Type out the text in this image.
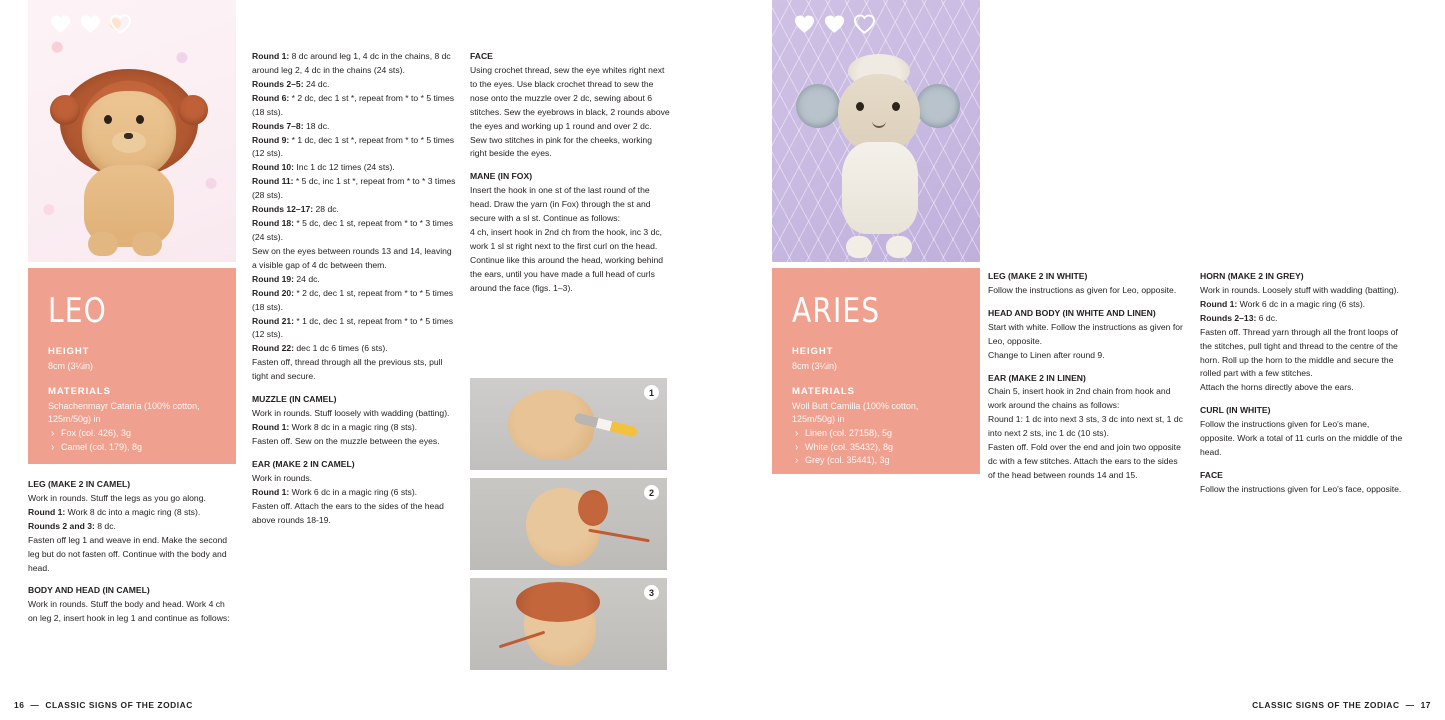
LEO
HEIGHT
8cm (3¼in)
MATERIALS
Schachenmayr Catania (100% cotton, 125m/50g) in
› Fox (col. 426), 3g
› Camel (col. 179), 8g

LEG (MAKE 2 IN CAMEL)

Work in rounds. Stuff the legs as you go along.

Round 1: Work 8 dc into a magic ring (8 sts).

Rounds 2 and 3: 8 dc.

Fasten off leg 1 and weave in end. Make the second leg but do not fasten off. Continue with the body and head.

BODY AND HEAD (IN CAMEL)

Work in rounds. Stuff the body and head. Work 4 ch on leg 2, insert hook in leg 1 and continue as follows:

Round 1: 8 dc around leg 1, 4 dc in the chains, 8 dc around leg 2, 4 dc in the chains (24 sts).

Rounds 2–5: 24 dc.

Round 6: * 2 dc, dec 1 st *, repeat from * to * 5 times (18 sts).

Rounds 7–8: 18 dc.

Round 9: * 1 dc, dec 1 st *, repeat from * to * 5 times (12 sts).

Round 10: Inc 1 dc 12 times (24 sts).

Round 11: * 5 dc, inc 1 st *, repeat from * to * 3 times (28 sts).

Rounds 12–17: 28 dc.

Round 18: * 5 dc, dec 1 st, repeat from * to * 3 times (24 sts).

Sew on the eyes between rounds 13 and 14, leaving a visible gap of 4 dc between them.

Round 19: 24 dc.

Round 20: * 2 dc, dec 1 st, repeat from * to * 5 times (18 sts).

Round 21: * 1 dc, dec 1 st, repeat from * to * 5 times (12 sts).

Round 22: dec 1 dc 6 times (6 sts).

Fasten off, thread through all the previous sts, pull tight and secure.

MUZZLE (IN CAMEL)

Work in rounds. Stuff loosely with wadding (batting).

Round 1: Work 8 dc in a magic ring (8 sts).

Fasten off. Sew on the muzzle between the eyes.

EAR (MAKE 2 IN CAMEL)

Work in rounds.

Round 1: Work 6 dc in a magic ring (6 sts).

Fasten off. Attach the ears to the sides of the head above rounds 18-19.

FACE

Using crochet thread, sew the eye whites right next to the eyes. Use black crochet thread to sew the nose onto the muzzle over 2 dc, sewing about 6 stitches. Sew the eyebrows in black, 2 rounds above the eyes and working up 1 round and over 2 dc. Sew two stitches in pink for the cheeks, working right beside the eyes.

MANE (IN FOX)

Insert the hook in one st of the last round of the head. Draw the yarn (in Fox) through the st and secure with a sl st. Continue as follows:

4 ch, insert hook in 2nd ch from the hook, inc 3 dc, work 1 sl st right next to the first curl on the head. Continue like this around the head, working behind the ears, until you have made a full head of curls around the face (figs. 1–3).

1
2
3
16 — CLASSIC SIGNS OF THE ZODIAC
ARIES
HEIGHT
8cm (3¼in)
MATERIALS
Woll Butt Camilla (100% cotton, 125m/50g) in
› Linen (col. 27158), 5g
› White (col. 35432), 8g
› Grey (col. 35441), 3g

LEG (MAKE 2 IN WHITE)

Follow the instructions as given for Leo, opposite.

HEAD AND BODY (IN WHITE AND LINEN)

Start with white. Follow the instructions as given for

Leo, opposite.

Change to Linen after round 9.

EAR (MAKE 2 IN LINEN)

Chain 5, insert hook in 2nd chain from hook and work around the chains as follows:

Round 1: 1 dc into next 3 sts, 3 dc into next st, 1 dc into next 2 sts, inc 1 dc (10 sts).

Fasten off. Fold over the end and join two opposite dc with a few stitches. Attach the ears to the sides of the head between rounds 14 and 15.

HORN (MAKE 2 IN GREY)

Work in rounds. Loosely stuff with wadding (batting).

Round 1: Work 6 dc in a magic ring (6 sts).

Rounds 2–13: 6 dc.

Fasten off. Thread yarn through all the front loops of the stitches, pull tight and thread to the centre of the horn. Roll up the horn to the middle and secure the rolled part with a few stitches.

Attach the horns directly above the ears.

CURL (IN WHITE)

Follow the instructions given for Leo's mane, opposite. Work a total of 11 curls on the middle of the head.

FACE

Follow the instructions given for Leo's face, opposite.

CLASSIC SIGNS OF THE ZODIAC — 17
